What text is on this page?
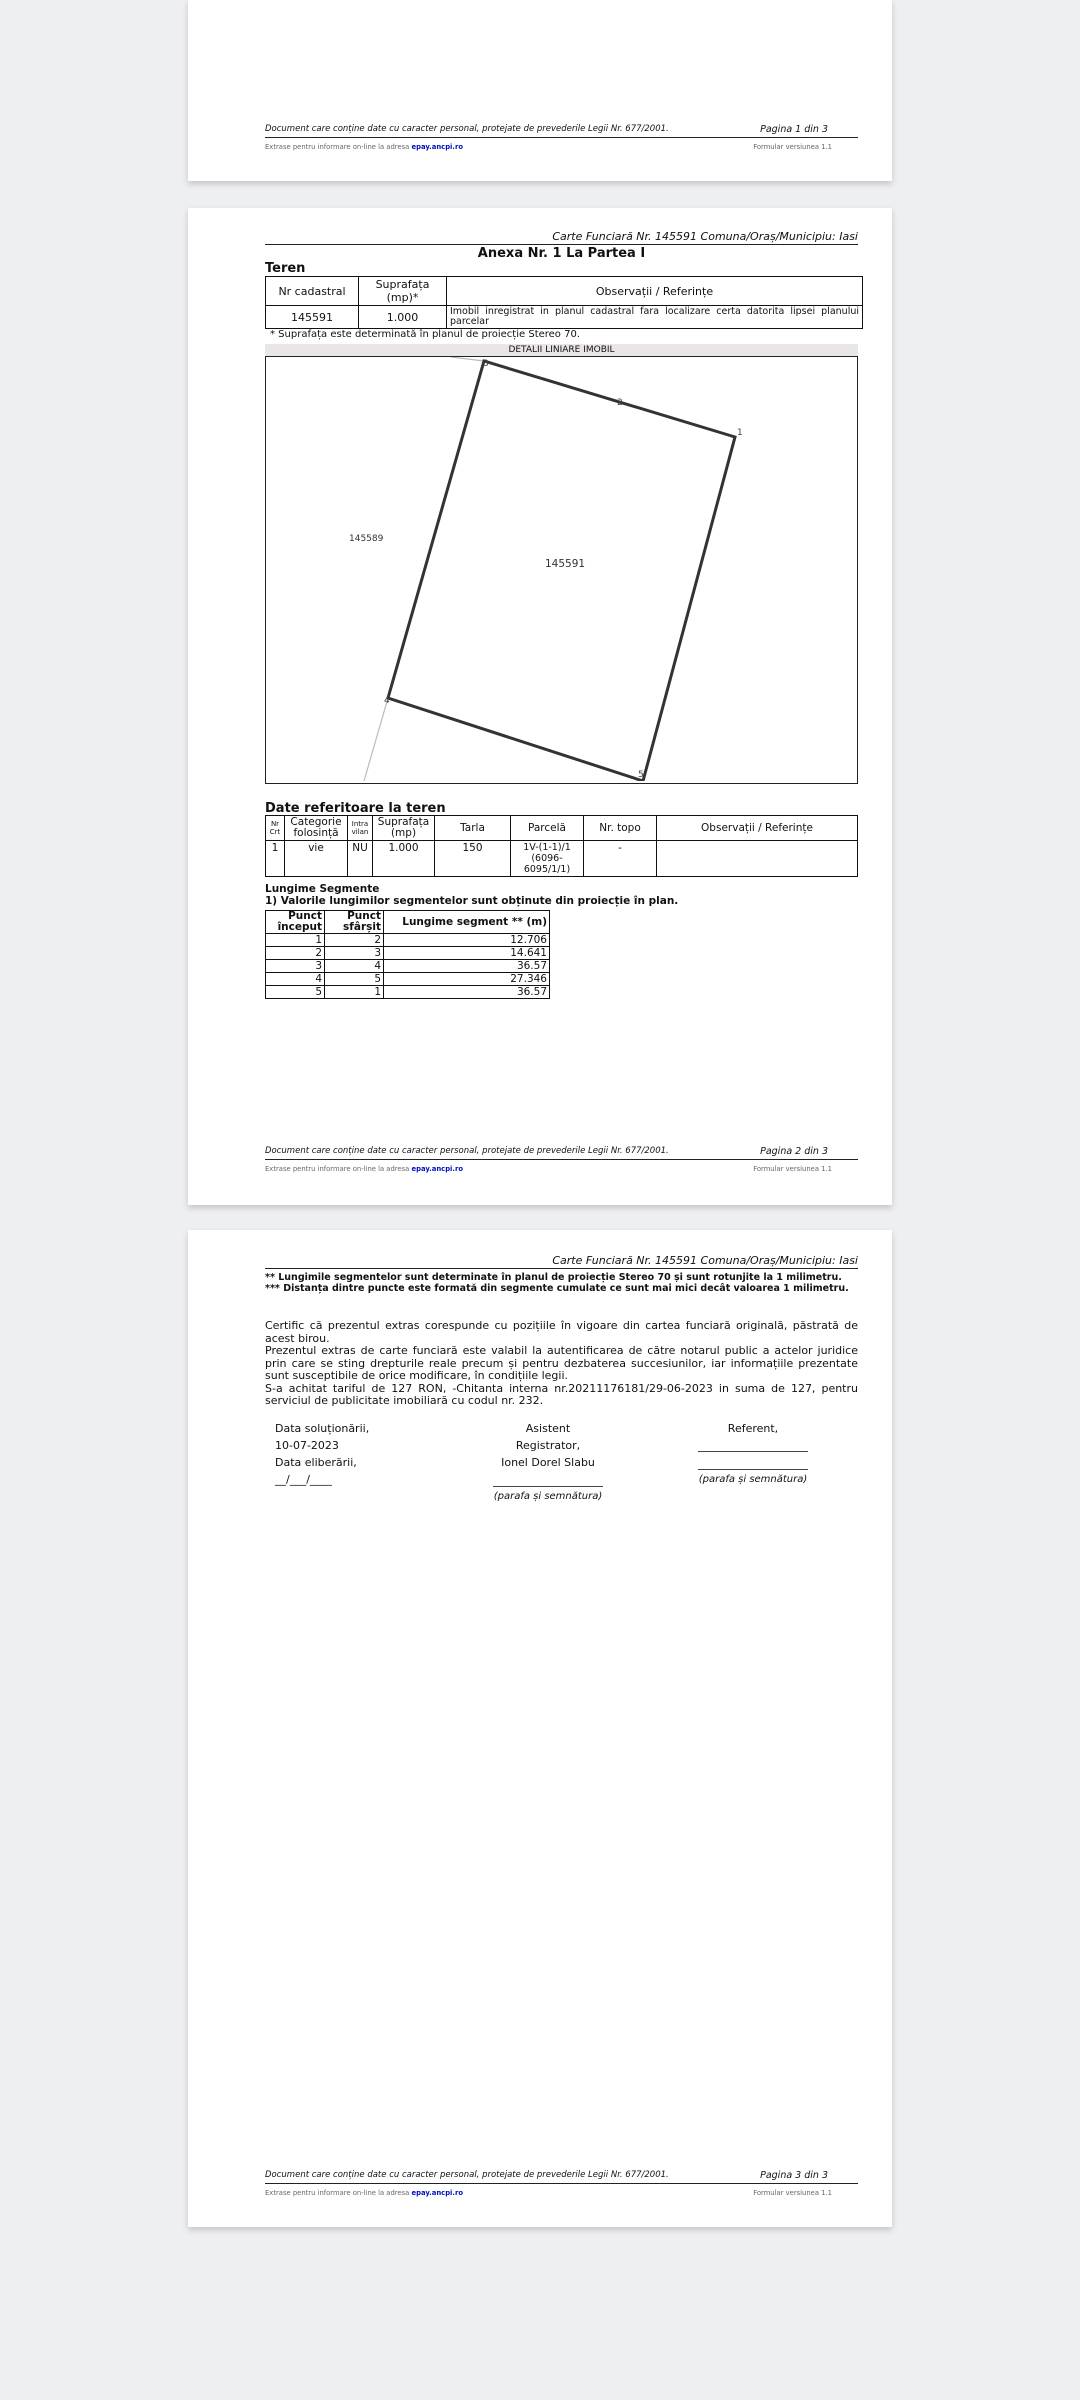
Document care conține date cu caracter personal, protejate de prevederile Legii Nr. 677/2001.	Pagina 1 din 3
Extrase pentru informare on-line la adresa epay.ancpi.ro	Formular versiunea 1.1
Carte Funciară Nr. 145591 Comuna/Oraș/Municipiu: Iasi
Anexa Nr. 1 La Partea I
Teren
Nr cadastral	Suprafața (mp)*	Observații / Referințe
145591	1.000	Imobil inregistrat in planul cadastral fara localizare certa datorita lipsei planului parcelar
* Suprafața este determinată în planul de proiecție Stereo 70.
DETALII LINIARE IMOBIL
1
2
3
4
5
145591
145589
Date referitoare la teren
Nr Crt	Categorie folosință	Intra vilan	Suprafața (mp)	Tarla	Parcelă	Nr. topo	Observații / Referințe
1	vie	NU	1.000	150	1V-(1-1)/1 (6096-6095/1/1)	-	
Lungime Segmente
1) Valorile lungimilor segmentelor sunt obținute din proiecție în plan.
Punct început	Punct sfârșit	Lungime segment ** (m)
1	2	12.706
2	3	14.641
3	4	36.57
4	5	27.346
5	1	36.57
Document care conține date cu caracter personal, protejate de prevederile Legii Nr. 677/2001.	Pagina 2 din 3
Extrase pentru informare on-line la adresa epay.ancpi.ro	Formular versiunea 1.1
Carte Funciară Nr. 145591 Comuna/Oraș/Municipiu: Iasi
** Lungimile segmentelor sunt determinate în planul de proiecție Stereo 70 și sunt rotunjite la 1 milimetru.
*** Distanța dintre puncte este formată din segmente cumulate ce sunt mai mici decât valoarea 1 milimetru.

Certific că prezentul extras corespunde cu pozițiile în vigoare din cartea funciară originală, păstrată de acest birou.

Prezentul extras de carte funciară este valabil la autentificarea de către notarul public a actelor juridice prin care se sting drepturile reale precum și pentru dezbaterea succesiunilor, iar informațiile prezentate sunt susceptibile de orice modificare, în condițiile legii.

S-a achitat tariful de 127 RON, -Chitanta interna nr.20211176181/29-06-2023 in suma de 127, pentru serviciul de publicitate imobiliară cu codul nr. 232.

Data soluționării,
10-07-2023
Data eliberării,
__/___/____
Asistent Registrator,
Ionel Dorel Slabu
(parafa și semnătura)
Referent,
(parafa și semnătura)
Document care conține date cu caracter personal, protejate de prevederile Legii Nr. 677/2001.	Pagina 3 din 3
Extrase pentru informare on-line la adresa epay.ancpi.ro	Formular versiunea 1.1
